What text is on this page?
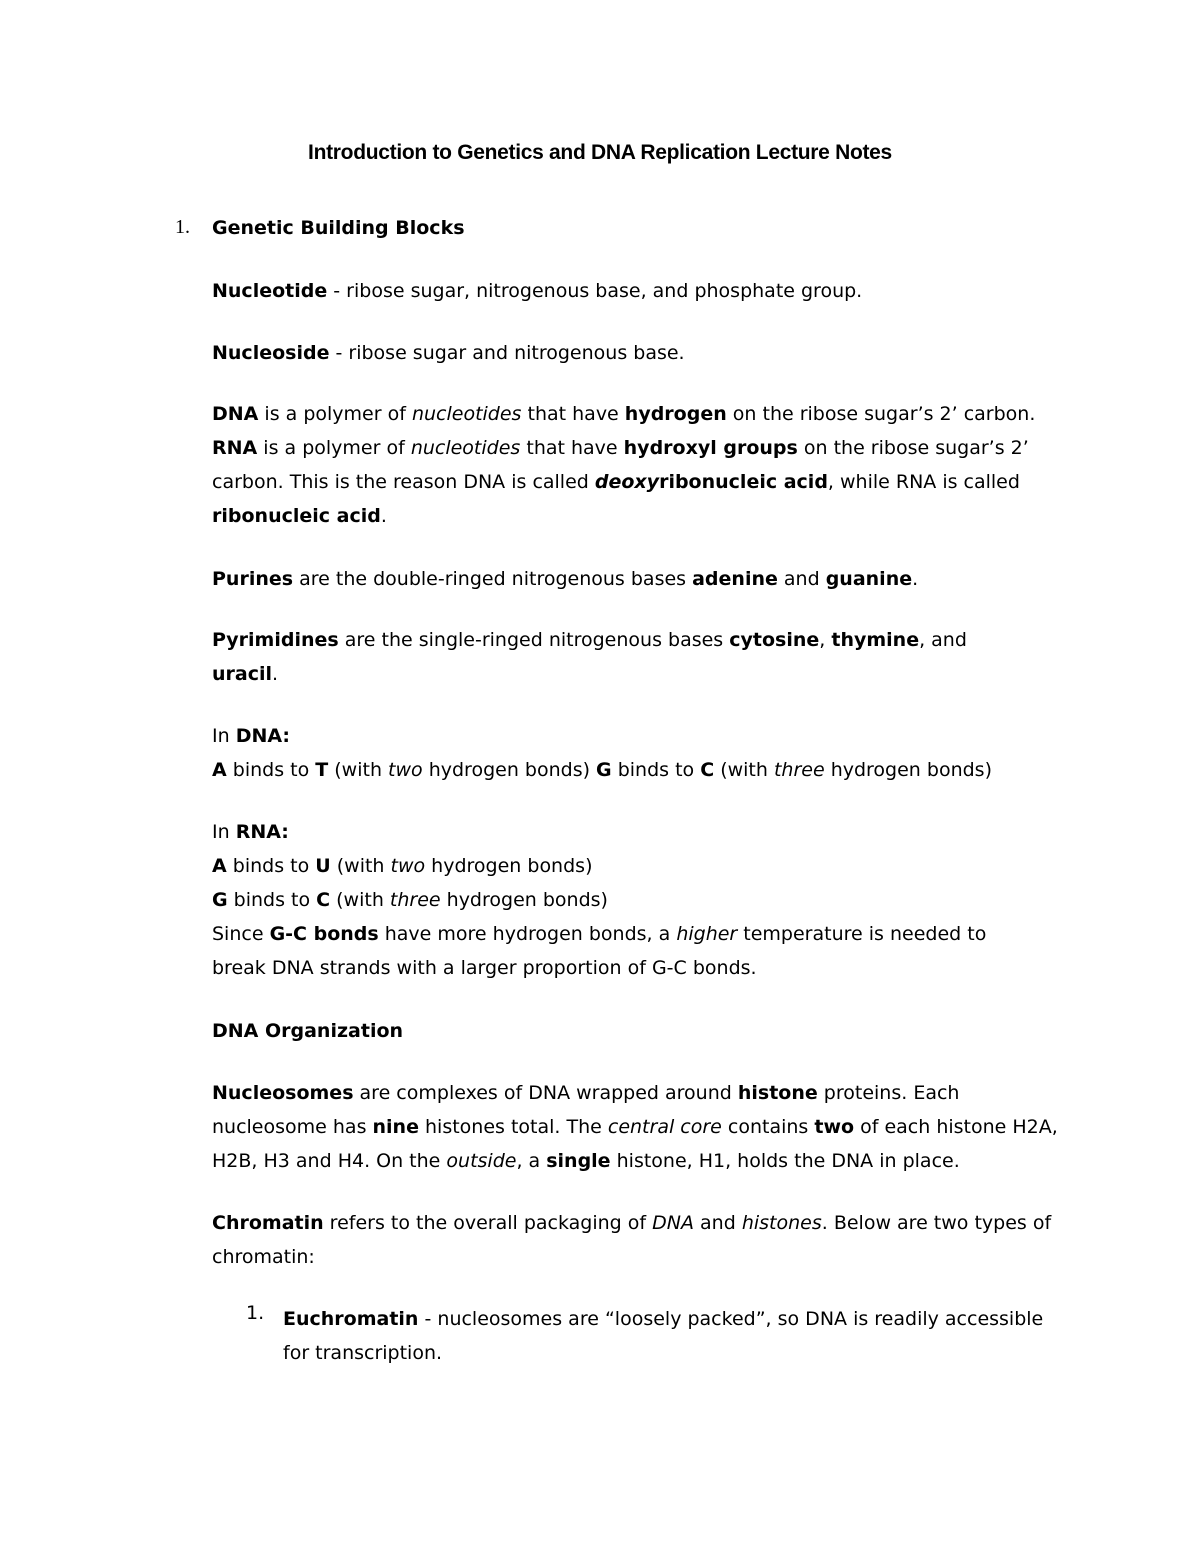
Introduction to Genetics and DNA Replication Lecture Notes
1. Genetic Building Blocks

Nucleotide - ribose sugar, nitrogenous base, and phosphate group.

Nucleoside - ribose sugar and nitrogenous base.

DNA is a polymer of nucleotides that have hydrogen on the ribose sugar’s 2’ carbon. RNA is a polymer of nucleotides that have hydroxyl groups on the ribose sugar’s 2’ carbon. This is the reason DNA is called deoxyribonucleic acid, while RNA is called ribonucleic acid.

Purines are the double-ringed nitrogenous bases adenine and guanine.

Pyrimidines are the single-ringed nitrogenous bases cytosine, thymine, and uracil.

In DNA:
A binds to T (with two hydrogen bonds) G binds to C (with three hydrogen bonds)

In RNA:
A binds to U (with two hydrogen bonds)
G binds to C (with three hydrogen bonds)
Since G-C bonds have more hydrogen bonds, a higher temperature is needed to break DNA strands with a larger proportion of G-C bonds.

DNA Organization

Nucleosomes are complexes of DNA wrapped around histone proteins. Each nucleosome has nine histones total. The central core contains two of each histone H2A, H2B, H3 and H4. On the outside, a single histone, H1, holds the DNA in place.

Chromatin refers to the overall packaging of DNA and histones. Below are two types of chromatin:

1. Euchromatin - nucleosomes are “loosely packed”, so DNA is readily accessible for transcription.
